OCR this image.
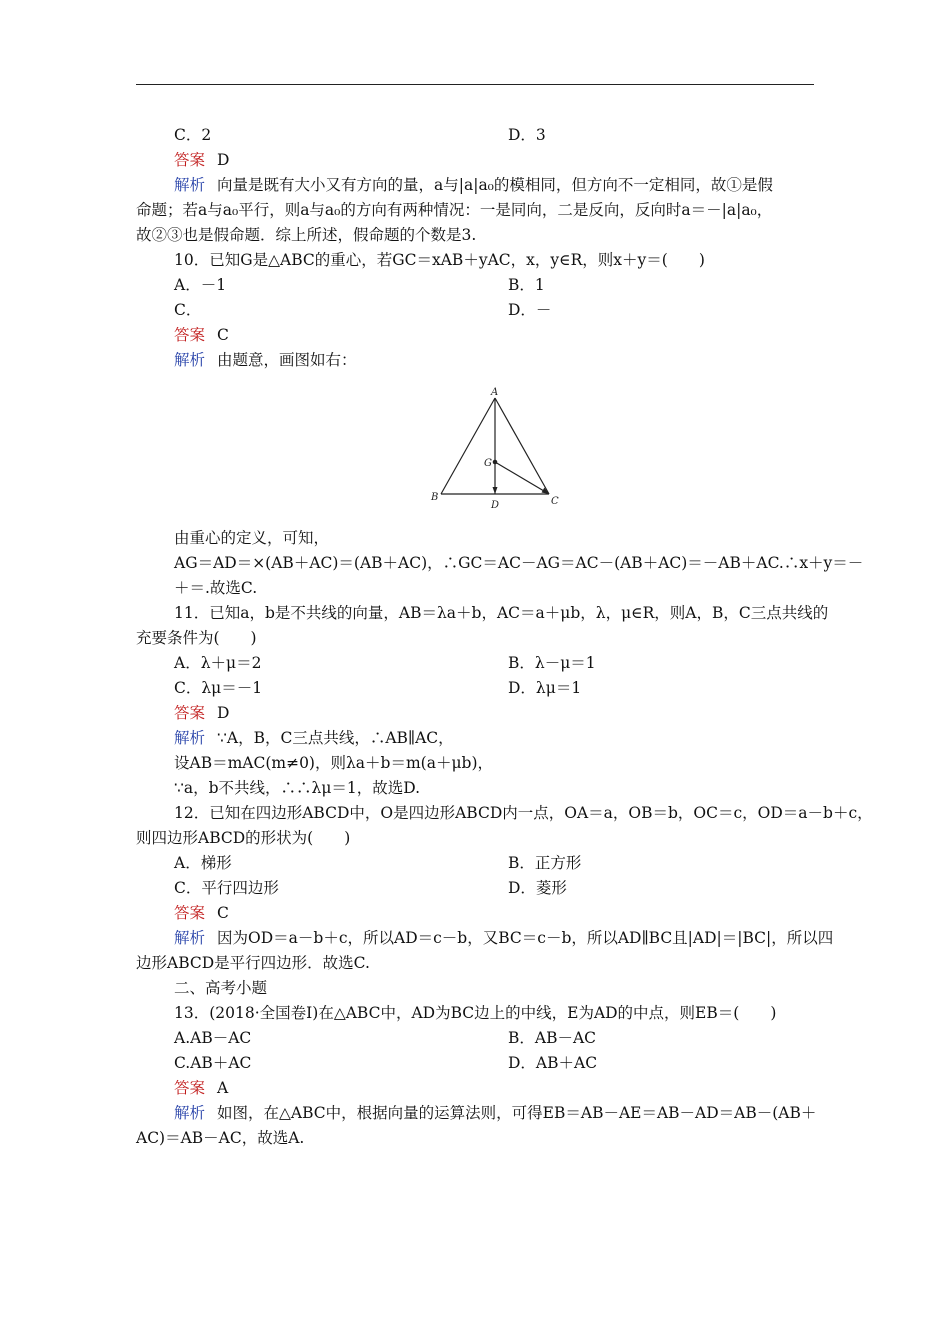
C．2	D．3
答案 D
解析 向量是既有大小又有方向的量，a与|a|a₀的模相同，但方向不一定相同，故①是假
命题；若a与a₀平行，则a与a₀的方向有两种情况：一是同向，二是反向，反向时a＝－|a|a₀，
故②③也是假命题．综上所述，假命题的个数是3.
10．已知G是△ABC的重心，若GC＝xAB＋yAC，x，y∈R，则x＋y＝(　　)
A．－1	B．1
C．	D．－
答案 C
解析 由题意，画图如右：
由重心的定义，可知，
AG＝AD＝×(AB＋AC)＝(AB＋AC)，∴GC＝AC－AG＝AC－(AB＋AC)＝－AB＋AC.∴x＋y＝－
＋＝.故选C.
11．已知a，b是不共线的向量，AB＝λa＋b，AC＝a＋μb，λ，μ∈R，则A，B，C三点共线的
充要条件为(　　)
A．λ＋μ＝2	B．λ－μ＝1
C．λμ＝－1	D．λμ＝1
答案 D
解析 ∵A，B，C三点共线，∴AB∥AC，
设AB＝mAC(m≠0)，则λa＋b＝m(a＋μb)，
∵a，b不共线，∴∴λμ＝1，故选D.
12．已知在四边形ABCD中，O是四边形ABCD内一点，OA＝a，OB＝b，OC＝c，OD＝a－b＋c，
则四边形ABCD的形状为(　　)
A．梯形	B．正方形
C．平行四边形	D．菱形
答案 C
解析 因为OD＝a－b＋c，所以AD＝c－b，又BC＝c－b，所以AD∥BC且|AD|＝|BC|，所以四
边形ABCD是平行四边形．故选C.
二、高考小题
13．(2018·全国卷Ⅰ)在△ABC中，AD为BC边上的中线，E为AD的中点，则EB＝(　　)
A.AB－AC	B．AB－AC
C.AB＋AC	D．AB＋AC
答案 A
解析 如图，在△ABC中，根据向量的运算法则，可得EB＝AB－AE＝AB－AD＝AB－(AB＋
AC)＝AB－AC，故选A.
A
B	C
D
G
